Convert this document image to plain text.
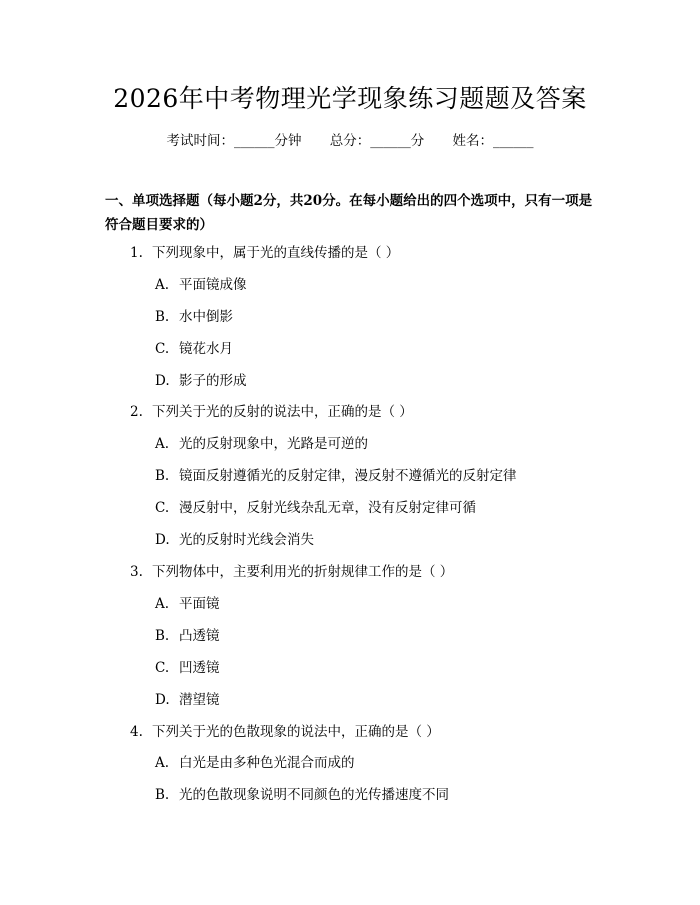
2026年中考物理光学现象练习题题及答案
考试时间：______分钟 总分：______分 姓名：______
一、单项选择题（每小题2分，共20分。在每小题给出的四个选项中，只有一项是符合题目要求的）
1. 下列现象中，属于光的直线传播的是（ ）
A. 平面镜成像
B. 水中倒影
C. 镜花水月
D. 影子的形成
2. 下列关于光的反射的说法中，正确的是（ ）
A. 光的反射现象中，光路是可逆的
B. 镜面反射遵循光的反射定律，漫反射不遵循光的反射定律
C. 漫反射中，反射光线杂乱无章，没有反射定律可循
D. 光的反射时光线会消失
3. 下列物体中，主要利用光的折射规律工作的是（ ）
A. 平面镜
B. 凸透镜
C. 凹透镜
D. 潜望镜
4. 下列关于光的色散现象的说法中，正确的是（ ）
A. 白光是由多种色光混合而成的
B. 光的色散现象说明不同颜色的光传播速度不同
